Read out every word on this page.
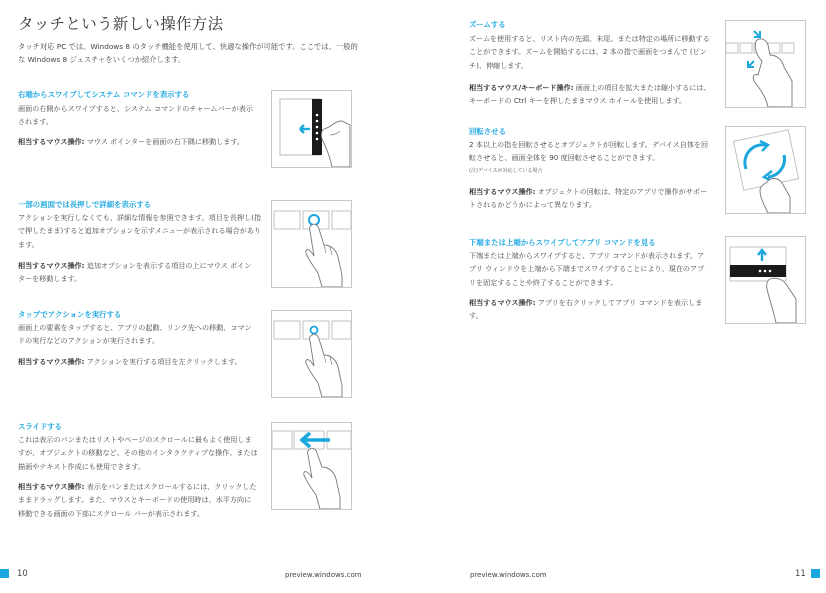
タッチという新しい操作方法
タッチ対応 PC では、Windows 8 のタッチ機能を使用して、快適な操作が可能です。ここでは、一般的な Windows 8 ジェスチャをいくつか紹介します。
右端からスワイプしてシステム コマンドを表示する
画面の右側からスワイプすると、システム コマンドのチャームバーが表示されます。
相当するマウス操作: マウス ポインターを画面の右下隅に移動します。
一部の画面では長押しで詳細を表示する
アクションを実行しなくても、詳細な情報を参照できます。項目を長押し(指で押したまま)すると追加オプションを示すメニューが表示される場合があります。
相当するマウス操作: 追加オプションを表示する項目の上にマウス ポインターを移動します。
タップでアクションを実行する
画面上の要素をタップすると、アプリの起動、リンク先への移動、コマンドの実行などのアクションが実行されます。
相当するマウス操作: アクションを実行する項目を左クリックします。
スライドする
これは表示のパンまたはリストやページのスクロールに最もよく使用しますが、オブジェクトの移動など、その他のインタラクティブな操作、または描画やテキスト作成にも使用できます。
相当するマウス操作: 表示をパンまたはスクロールするには、クリックしたままドラッグします。また、マウスとキーボードの使用時は、水平方向に移動できる画面の下部にスクロール バーが表示されます。
10	preview.windows.com
ズームする
ズームを使用すると、リスト内の先頭、末尾、または特定の場所に移動することができます。ズームを開始するには、2 本の指で画面をつまんで (ピンチ)、伸縮します。
相当するマウス/キーボード操作: 画面上の項目を拡大または縮小するには、キーボードの Ctrl キーを押したままマウス ホイールを使用します。
回転させる
2 本以上の指を回転させるとオブジェクトが回転します。デバイス自体を回転させると、画面全体を 90 度回転させることができます。
(注)デバイスが対応している場合
相当するマウス操作: オブジェクトの回転は、特定のアプリで操作がサポートされるかどうかによって異なります。
下端または上端からスワイプしてアプリ コマンドを見る
下端または上端からスワイプすると、アプリ コマンドが表示されます。アプリ ウィンドウを上端から下端までスワイプすることにより、現在のアプリを固定することや終了することができます。
相当するマウス操作: アプリを右クリックしてアプリ コマンドを表示します。
preview.windows.com	11
